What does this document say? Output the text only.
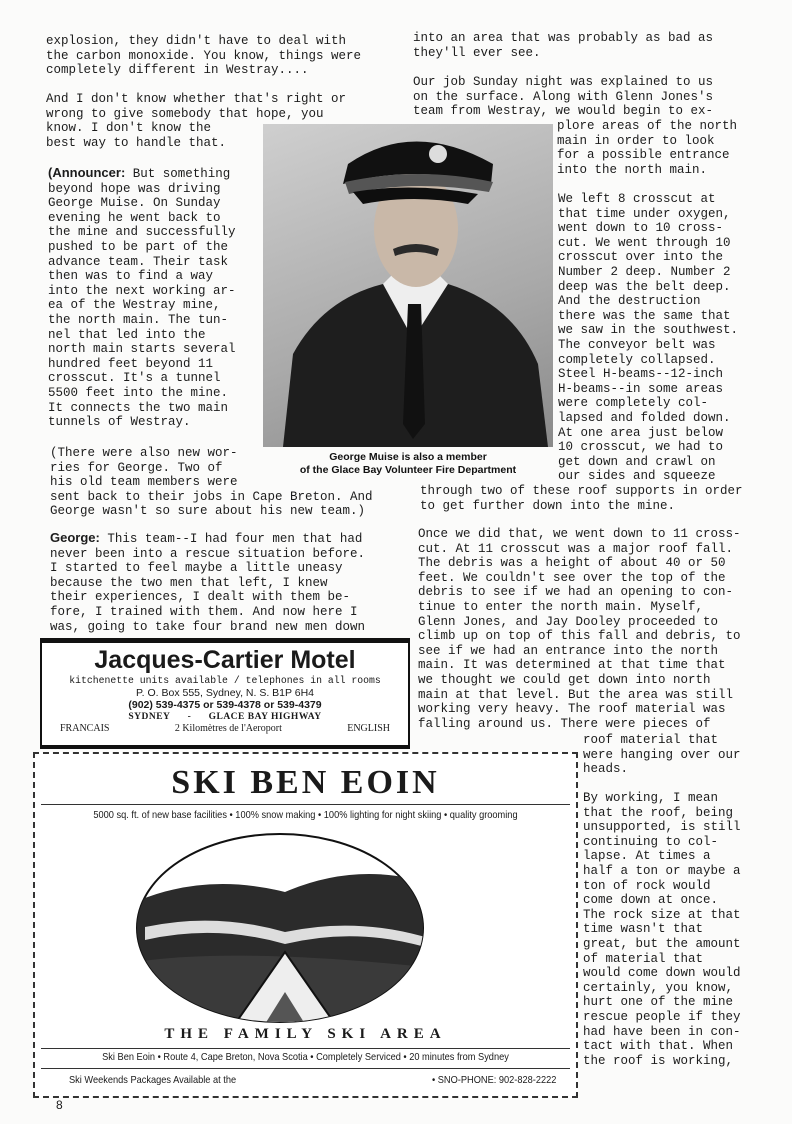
explosion, they didn't have to deal with
the carbon monoxide. You know, things were
completely different in Westray....
And I don't know whether that's right or
wrong to give somebody that hope, you
know. I don't know the
best way to handle that.
(Announcer: But something
beyond hope was driving
George Muise. On Sunday
evening he went back to
the mine and successfully
pushed to be part of the
advance team. Their task
then was to find a way
into the next working ar-
ea of the Westray mine,
the north main. The tun-
nel that led into the
north main starts several
hundred feet beyond 11
crosscut. It's a tunnel
5500 feet into the mine.
It connects the two main
tunnels of Westray.
(There were also new wor-
ries for George. Two of
his old team members were
sent back to their jobs in Cape Breton. And
George wasn't so sure about his new team.)
George: This team--I had four men that had
never been into a rescue situation before.
I started to feel maybe a little uneasy
because the two men that left, I knew
their experiences, I dealt with them be-
fore, I trained with them. And now here I
was, going to take four brand new men down
George Muise is also a member
of the Glace Bay Volunteer Fire Department
into an area that was probably as bad as
they'll ever see.
Our job Sunday night was explained to us
on the surface. Along with Glenn Jones's
team from Westray, we would begin to ex-
plore areas of the north
main in order to look
for a possible entrance
into the north main.
We left 8 crosscut at
that time under oxygen,
went down to 10 cross-
cut. We went through 10
crosscut over into the
Number 2 deep. Number 2
deep was the belt deep.
And the destruction
there was the same that
we saw in the southwest.
The conveyor belt was
completely collapsed.
Steel H-beams--12-inch
H-beams--in some areas
were completely col-
lapsed and folded down.
At one area just below
10 crosscut, we had to
get down and crawl on
our sides and squeeze
through two of these roof supports in order
to get further down into the mine.
Once we did that, we went down to 11 cross-
cut. At 11 crosscut was a major roof fall.
The debris was a height of about 40 or 50
feet. We couldn't see over the top of the
debris to see if we had an opening to con-
tinue to enter the north main. Myself,
Glenn Jones, and Jay Dooley proceeded to
climb up on top of this fall and debris, to
see if we had an entrance into the north
main. It was determined at that time that
we thought we could get down into north
main at that level. But the area was still
working very heavy. The roof material was
falling around us. There were pieces of
roof material that
were hanging over our
heads.
By working, I mean
that the roof, being
unsupported, is still
continuing to col-
lapse. At times a
half a ton or maybe a
ton of rock would
come down at once.
The rock size at that
time wasn't that
great, but the amount
of material that
would come down would
certainly, you know,
hurt one of the mine
rescue people if they
had have been in con-
tact with that. When
the roof is working,
Jacques-Cartier Motel
kitchenette units available / telephones in all rooms
P. O. Box 555, Sydney, N. S. B1P 6H4
(902) 539-4375 or 539-4378 or 539-4379
SYDNEY - GLACE BAY HIGHWAY
FRANCAIS	2 Kilomètres de l'Aeroport	ENGLISH
SKI BEN EOIN
5000 sq. ft. of new base facilities • 100% snow making • 100% lighting for night skiing • quality grooming
THE FAMILY SKI AREA
Ski Ben Eoin • Route 4, Cape Breton, Nova Scotia • Completely Serviced • 20 minutes from Sydney
Ski Weekends Packages Available at the	• SNO-PHONE: 902-828-2222
8
